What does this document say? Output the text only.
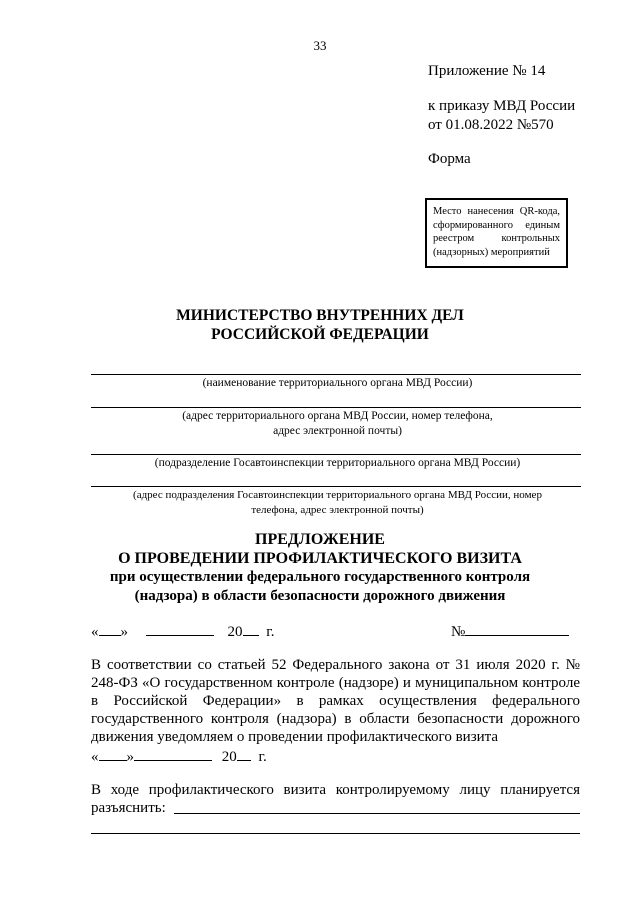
33
Приложение № 14
к приказу МВД России
от 01.08.2022 №570
Форма

Место нанесения QR-кода, сформированного единым реестром контрольных (надзорных) мероприятий

МИНИСТЕРСТВО ВНУТРЕННИХ ДЕЛ
РОССИЙСКОЙ ФЕДЕРАЦИИ
(наименование территориального органа МВД России)
(адрес территориального органа МВД России, номер телефона,
адрес электронной почты)
(подразделение Госавтоинспекции территориального органа МВД России)
(адрес подразделения Госавтоинспекции территориального органа МВД России, номер
телефона, адрес электронной почты)
ПРЕДЛОЖЕНИЕ
О ПРОВЕДЕНИИ ПРОФИЛАКТИЧЕСКОГО ВИЗИТА
при осуществлении федерального государственного контроля
(надзора) в области безопасности дорожного движения
« »	20 г.	№
В соответствии со статьей 52 Федерального закона от 31 июля 2020 г. № 248-ФЗ «О государственном контроле (надзоре) и муниципальном контроле в Российской Федерации» в рамках осуществления федерального государственного контроля (надзора) в области безопасности дорожного движения уведомляем о проведении профилактического визита
« »	20 г.
В ходе профилактического визита контролируемому лицу планируется
разъяснить:
